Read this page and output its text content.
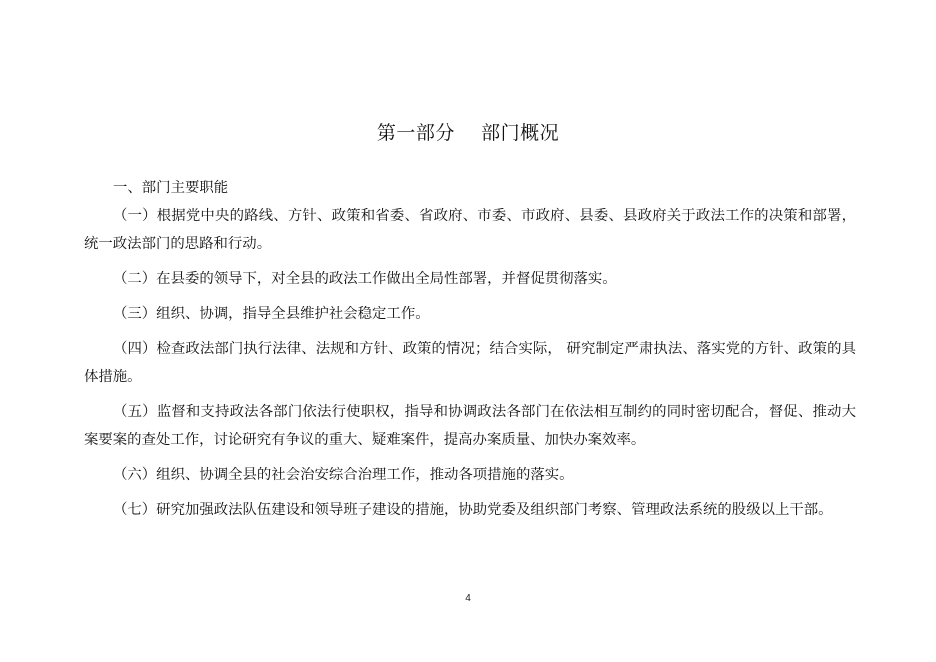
第一部分    部门概况
一、部门主要职能

（一）根据党中央的路线、方针、政策和省委、省政府、市委、市政府、县委、县政府关于政法工作的决策和部署，统一政法部门的思路和行动。

（二）在县委的领导下，对全县的政法工作做出全局性部署，并督促贯彻落实。

（三）组织、协调，指导全县维护社会稳定工作。

（四）检查政法部门执行法律、法规和方针、政策的情况；结合实际， 研究制定严肃执法、落实党的方针、政策的具体措施。

（五）监督和支持政法各部门依法行使职权，指导和协调政法各部门在依法相互制约的同时密切配合，督促、推动大案要案的查处工作，讨论研究有争议的重大、疑难案件，提高办案质量、加快办案效率。

（六）组织、协调全县的社会治安综合治理工作，推动各项措施的落实。

（七）研究加强政法队伍建设和领导班子建设的措施，协助党委及组织部门考察、管理政法系统的股级以上干部。

4
